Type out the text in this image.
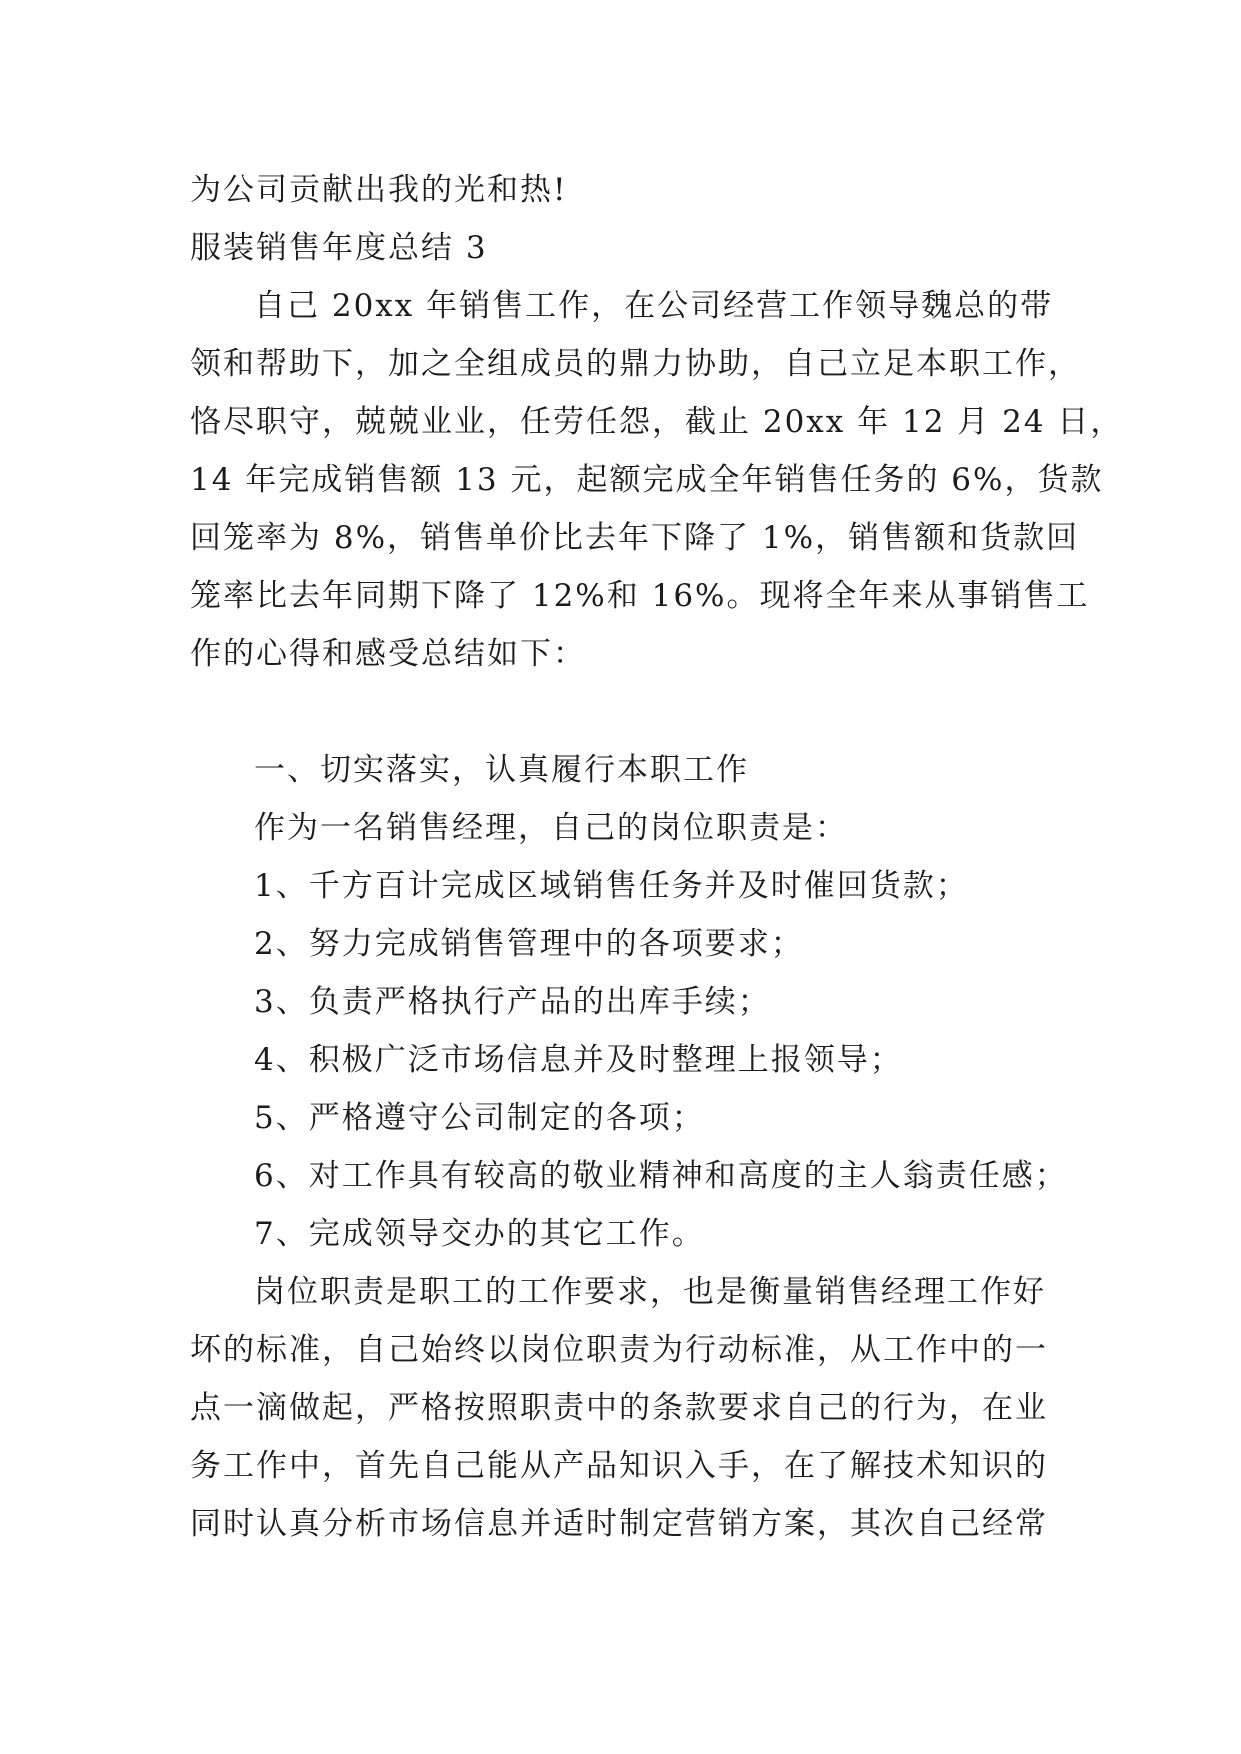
为公司贡献出我的光和热!
服装销售年度总结 3
自己 20xx 年销售工作，在公司经营工作领导魏总的带
领和帮助下，加之全组成员的鼎力协助，自己立足本职工作，
恪尽职守，兢兢业业，任劳任怨，截止 20xx 年 12 月 24 日，
14 年完成销售额 13 元，起额完成全年销售任务的 6%，货款
回笼率为 8%，销售单价比去年下降了 1%，销售额和货款回
笼率比去年同期下降了 12%和 16%。现将全年来从事销售工
作的心得和感受总结如下：
一、切实落实，认真履行本职工作
作为一名销售经理，自己的岗位职责是：
1、千方百计完成区域销售任务并及时催回货款；
2、努力完成销售管理中的各项要求；
3、负责严格执行产品的出库手续；
4、积极广泛市场信息并及时整理上报领导；
5、严格遵守公司制定的各项；
6、对工作具有较高的敬业精神和高度的主人翁责任感；
7、完成领导交办的其它工作。
岗位职责是职工的工作要求，也是衡量销售经理工作好
坏的标准，自己始终以岗位职责为行动标准，从工作中的一
点一滴做起，严格按照职责中的条款要求自己的行为，在业
务工作中，首先自己能从产品知识入手，在了解技术知识的
同时认真分析市场信息并适时制定营销方案，其次自己经常
